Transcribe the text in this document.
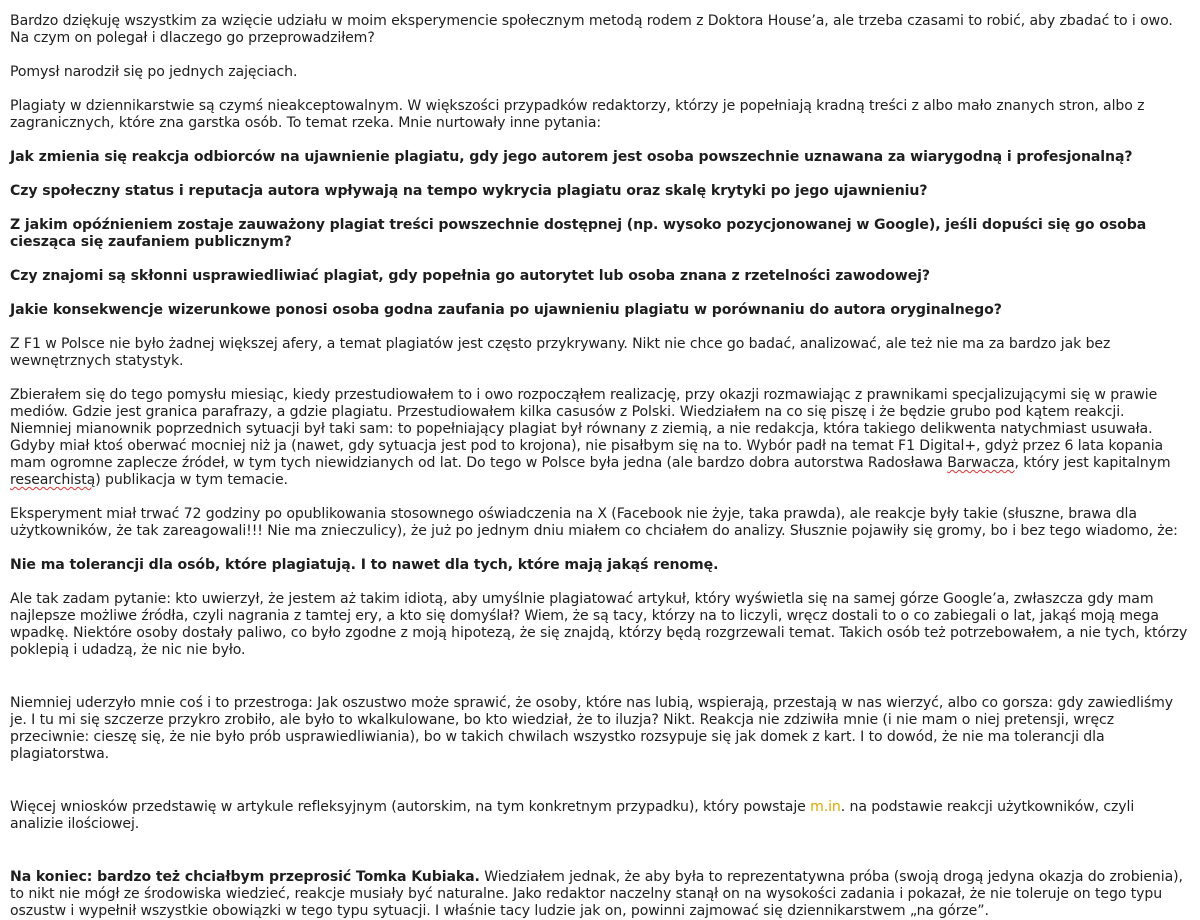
Bardzo dziękuję wszystkim za wzięcie udziału w moim eksperymencie społecznym metodą rodem z Doktora House’a, ale trzeba czasami to robić, aby zbadać to i owo. Na czym on polegał i dlaczego go przeprowadziłem?

Pomysł narodził się po jednych zajęciach.

Plagiaty w dziennikarstwie są czymś nieakceptowalnym. W większości przypadków redaktorzy, którzy je popełniają kradną treści z albo mało znanych stron, albo z zagranicznych, które zna garstka osób. To temat rzeka. Mnie nurtowały inne pytania:

Jak zmienia się reakcja odbiorców na ujawnienie plagiatu, gdy jego autorem jest osoba powszechnie uznawana za wiarygodną i profesjonalną?

Czy społeczny status i reputacja autora wpływają na tempo wykrycia plagiatu oraz skalę krytyki po jego ujawnieniu?

Z jakim opóźnieniem zostaje zauważony plagiat treści powszechnie dostępnej (np. wysoko pozycjonowanej w Google), jeśli dopuści się go osoba ciesząca się zaufaniem publicznym?

Czy znajomi są skłonni usprawiedliwiać plagiat, gdy popełnia go autorytet lub osoba znana z rzetelności zawodowej?

Jakie konsekwencje wizerunkowe ponosi osoba godna zaufania po ujawnieniu plagiatu w porównaniu do autora oryginalnego?

Z F1 w Polsce nie było żadnej większej afery, a temat plagiatów jest często przykrywany. Nikt nie chce go badać, analizować, ale też nie ma za bardzo jak bez wewnętrznych statystyk.

Zbierałem się do tego pomysłu miesiąc, kiedy przestudiowałem to i owo rozpocząłem realizację, przy okazji rozmawiając z prawnikami specjalizującymi się w prawie mediów. Gdzie jest granica parafrazy, a gdzie plagiatu. Przestudiowałem kilka casusów z Polski. Wiedziałem na co się piszę i że będzie grubo pod kątem reakcji. Niemniej mianownik poprzednich sytuacji był taki sam: to popełniający plagiat był równany z ziemią, a nie redakcja, która takiego delikwenta natychmiast usuwała. Gdyby miał ktoś oberwać mocniej niż ja (nawet, gdy sytuacja jest pod to krojona), nie pisałbym się na to. Wybór padł na temat F1 Digital+, gdyż przez 6 lata kopania mam ogromne zaplecze źródeł, w tym tych niewidzianych od lat. Do tego w Polsce była jedna (ale bardzo dobra autorstwa Radosława Barwacza, który jest kapitalnym researchistą) publikacja w tym temacie.

Eksperyment miał trwać 72 godziny po opublikowania stosownego oświadczenia na X (Facebook nie żyje, taka prawda), ale reakcje były takie (słuszne, brawa dla użytkowników, że tak zareagowali!!! Nie ma znieczulicy), że już po jednym dniu miałem co chciałem do analizy. Słusznie pojawiły się gromy, bo i bez tego wiadomo, że:

Nie ma tolerancji dla osób, które plagiatują. I to nawet dla tych, które mają jakąś renomę.

Ale tak zadam pytanie: kto uwierzył, że jestem aż takim idiotą, aby umyślnie plagiatować artykuł, który wyświetla się na samej górze Google’a, zwłaszcza gdy mam najlepsze możliwe źródła, czyli nagrania z tamtej ery, a kto się domyślał? Wiem, że są tacy, którzy na to liczyli, wręcz dostali to o co zabiegali o lat, jakąś moją mega wpadkę. Niektóre osoby dostały paliwo, co było zgodne z moją hipotezą, że się znajdą, którzy będą rozgrzewali temat. Takich osób też potrzebowałem, a nie tych, którzy poklepią i udadzą, że nic nie było.

Niemniej uderzyło mnie coś i to przestroga: Jak oszustwo może sprawić, że osoby, które nas lubią, wspierają, przestają w nas wierzyć, albo co gorsza: gdy zawiedliśmy je. I tu mi się szczerze przykro zrobiło, ale było to wkalkulowane, bo kto wiedział, że to iluzja? Nikt. Reakcja nie zdziwiła mnie (i nie mam o niej pretensji, wręcz przeciwnie: cieszę się, że nie było prób usprawiedliwiania), bo w takich chwilach wszystko rozsypuje się jak domek z kart. I to dowód, że nie ma tolerancji dla plagiatorstwa.

Więcej wniosków przedstawię w artykule refleksyjnym (autorskim, na tym konkretnym przypadku), który powstaje m.in. na podstawie reakcji użytkowników, czyli analizie ilościowej.

Na koniec: bardzo też chciałbym przeprosić Tomka Kubiaka. Wiedziałem jednak, że aby była to reprezentatywna próba (swoją drogą jedyna okazja do zrobienia), to nikt nie mógł ze środowiska wiedzieć, reakcje musiały być naturalne. Jako redaktor naczelny stanął on na wysokości zadania i pokazał, że nie toleruje on tego typu oszustw i wypełnił wszystkie obowiązki w tego typu sytuacji. I właśnie tacy ludzie jak on, powinni zajmować się dziennikarstwem „na górze”.
